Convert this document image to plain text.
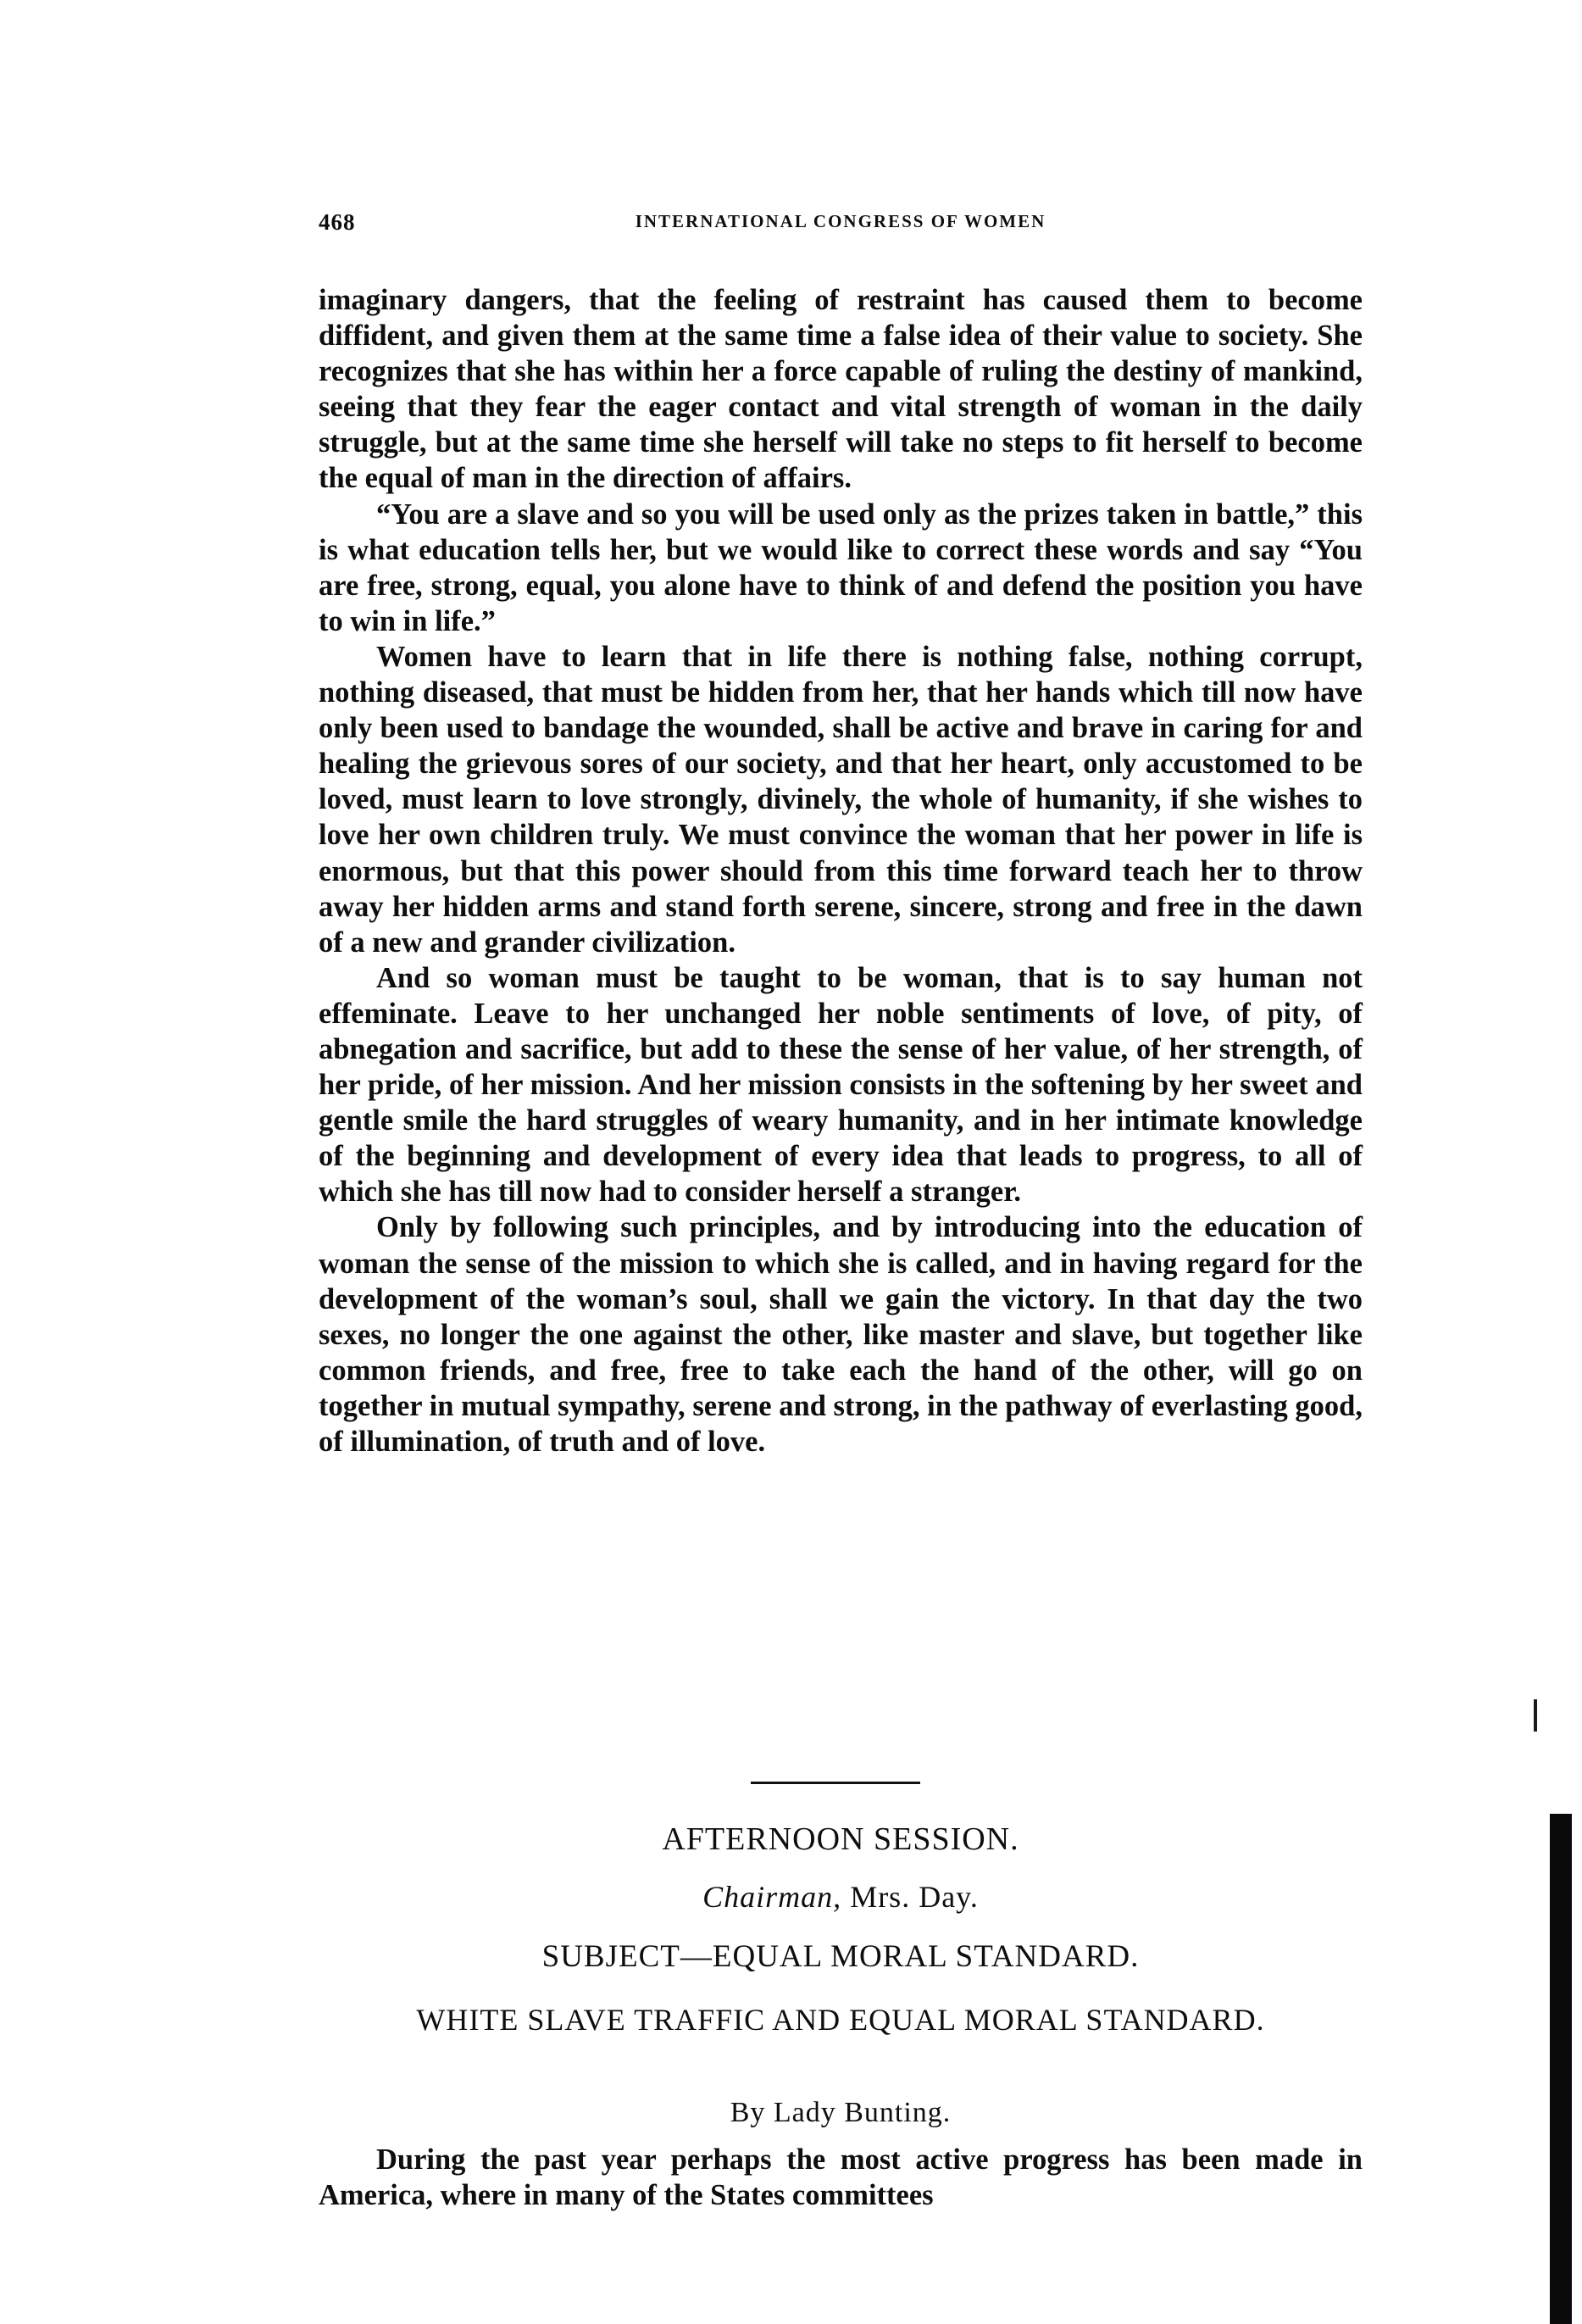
468	INTERNATIONAL CONGRESS OF WOMEN

imaginary dangers, that the feeling of restraint has caused them to become diffident, and given them at the same time a false idea of their value to society. She recognizes that she has within her a force capable of ruling the destiny of mankind, seeing that they fear the eager contact and vital strength of woman in the daily struggle, but at the same time she herself will take no steps to fit herself to become the equal of man in the direction of affairs.

“You are a slave and so you will be used only as the prizes taken in battle,” this is what education tells her, but we would like to correct these words and say “You are free, strong, equal, you alone have to think of and defend the position you have to win in life.”

Women have to learn that in life there is nothing false, nothing corrupt, nothing diseased, that must be hidden from her, that her hands which till now have only been used to bandage the wounded, shall be active and brave in caring for and healing the grievous sores of our society, and that her heart, only accustomed to be loved, must learn to love strongly, divinely, the whole of humanity, if she wishes to love her own children truly. We must convince the woman that her power in life is enormous, but that this power should from this time forward teach her to throw away her hidden arms and stand forth serene, sincere, strong and free in the dawn of a new and grander civilization.

And so woman must be taught to be woman, that is to say human not effeminate. Leave to her unchanged her noble sentiments of love, of pity, of abnegation and sacrifice, but add to these the sense of her value, of her strength, of her pride, of her mission. And her mission consists in the softening by her sweet and gentle smile the hard struggles of weary humanity, and in her intimate knowledge of the beginning and development of every idea that leads to progress, to all of which she has till now had to consider herself a stranger.

Only by following such principles, and by introducing into the education of woman the sense of the mission to which she is called, and in having regard for the development of the woman’s soul, shall we gain the victory. In that day the two sexes, no longer the one against the other, like master and slave, but together like common friends, and free, free to take each the hand of the other, will go on together in mutual sympathy, serene and strong, in the pathway of everlasting good, of illumination, of truth and of love.

AFTERNOON SESSION.
Chairman, Mrs. Day.
SUBJECT—EQUAL MORAL STANDARD.
WHITE SLAVE TRAFFIC AND EQUAL MORAL STANDARD.
By Lady Bunting.

During the past year perhaps the most active progress has been made in America, where in many of the States committees
